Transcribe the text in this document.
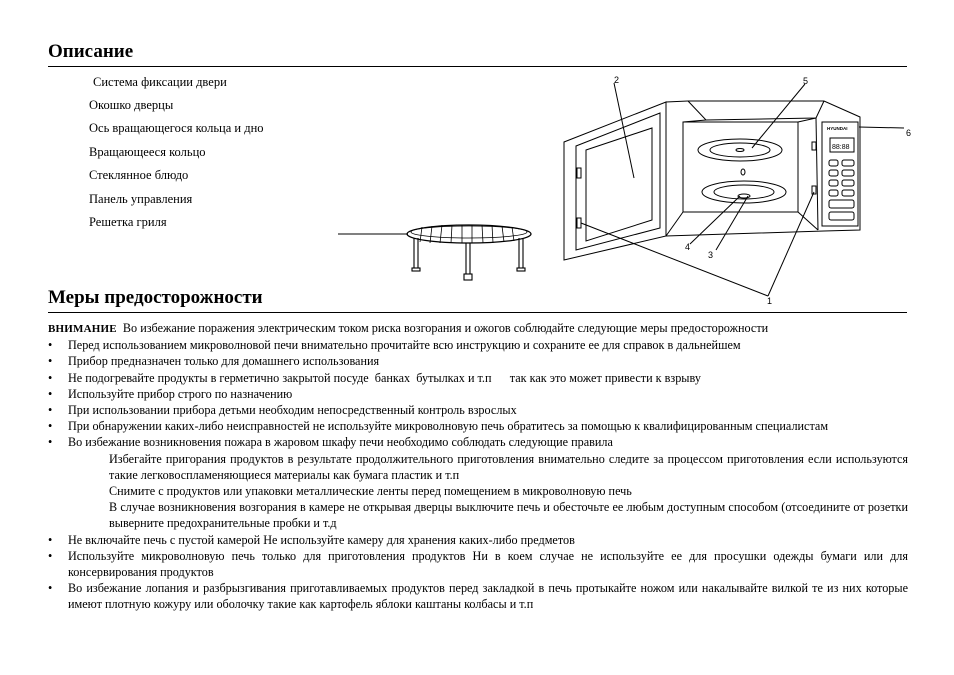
Описание
Система фиксации двери
Окошко дверцы
Ось вращающегося кольца и дно
Вращающееся кольцо
Стеклянное блюдо
Панель управления
Решетка гриля
2	5
6
4
3
1
88:88
HYUNDAI
Меры предосторожности

ВНИМАНИЕ Во избежание поражения электрическим током риска возгорания и ожогов соблюдайте следующие меры предосторожности

• Перед использованием микроволновой печи внимательно прочитайте всю инструкцию и сохраните ее для справок в дальнейшем
• Прибор предназначен только для домашнего использования
• Не подогревайте продукты в герметично закрытой посуде  банках  бутылках и т.п      так как это может привести к взрыву
• Используйте прибор строго по назначению
• При использовании прибора детьми необходим непосредственный контроль взрослых
• При обнаружении каких-либо неисправностей не используйте микроволновую печь обратитесь за помощью к квалифицированным специалистам
• Во избежание возникновения пожара в жаровом шкафу печи необходимо соблюдать следующие правила
Избегайте пригорания продуктов в результате продолжительного приготовления внимательно следите за процессом приготовления если используются такие легковоспламеняющиеся материалы как бумага пластик и т.п
Снимите с продуктов или упаковки металлические ленты перед помещением в микроволновую печь
В случае возникновения возгорания в камере не открывая дверцы выключите печь и обесточьте ее любым доступным способом (отсоедините от розетки выверните предохранительные пробки и т.д
• Не включайте печь с пустой камерой Не используйте камеру для хранения каких-либо предметов
• Используйте микроволновую печь только для приготовления продуктов Ни в коем случае не используйте ее для просушки одежды бумаги или для консервирования продуктов
• Во избежание лопания и разбрызгивания приготавливаемых продуктов перед закладкой в печь протыкайте ножом или накалывайте вилкой те из них которые имеют плотную кожуру или оболочку такие как картофель яблоки каштаны колбасы и т.п
